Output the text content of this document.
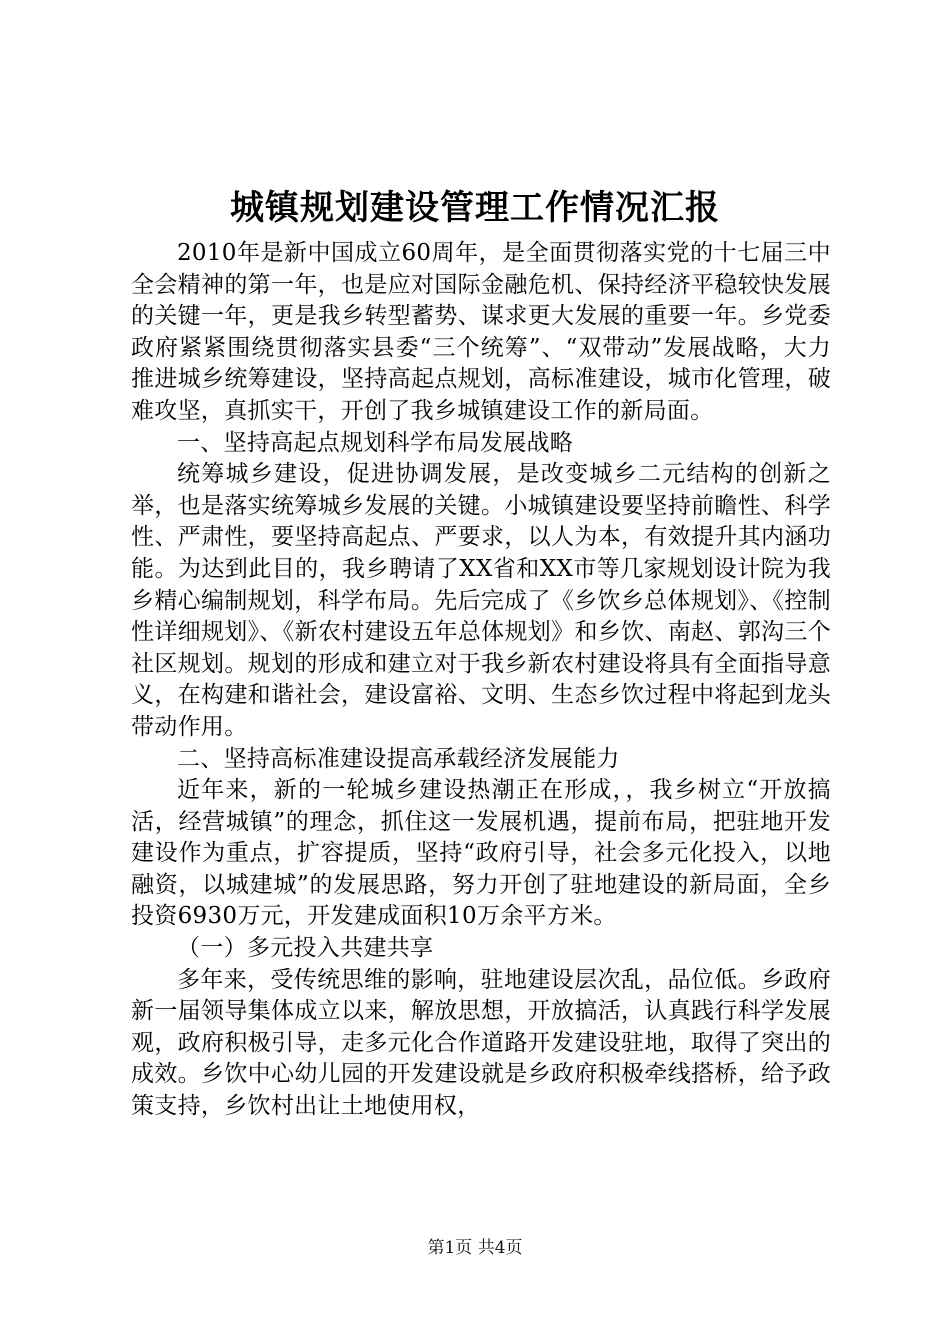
城镇规划建设管理工作情况汇报

2010年是新中国成立60周年，是全面贯彻落实党的十七届三中全会精神的第一年，也是应对国际金融危机、保持经济平稳较快发展的关键一年，更是我乡转型蓄势、谋求更大发展的重要一年。乡党委政府紧紧围绕贯彻落实县委“三个统筹”、“双带动”发展战略，大力推进城乡统筹建设，坚持高起点规划，高标准建设，城市化管理，破难攻坚，真抓实干，开创了我乡城镇建设工作的新局面。

一、坚持高起点规划科学布局发展战略

统筹城乡建设，促进协调发展，是改变城乡二元结构的创新之举，也是落实统筹城乡发展的关键。小城镇建设要坚持前瞻性、科学性、严肃性，要坚持高起点、严要求，以人为本，有效提升其内涵功能。为达到此目的，我乡聘请了XX省和XX市等几家规划设计院为我乡精心编制规划，科学布局。先后完成了《乡饮乡总体规划》、《控制性详细规划》、《新农村建设五年总体规划》和乡饮、南赵、郭沟三个社区规划。规划的形成和建立对于我乡新农村建设将具有全面指导意义，在构建和谐社会，建设富裕、文明、生态乡饮过程中将起到龙头带动作用。

二、坚持高标准建设提高承载经济发展能力

近年来，新的一轮城乡建设热潮正在形成，，我乡树立“开放搞活，经营城镇”的理念，抓住这一发展机遇，提前布局，把驻地开发建设作为重点，扩容提质，坚持“政府引导，社会多元化投入，以地融资，以城建城”的发展思路，努力开创了驻地建设的新局面，全乡投资6930万元，开发建成面积10万余平方米。

（一）多元投入共建共享

多年来，受传统思维的影响，驻地建设层次乱，品位低。乡政府新一届领导集体成立以来，解放思想，开放搞活，认真践行科学发展观，政府积极引导，走多元化合作道路开发建设驻地，取得了突出的成效。乡饮中心幼儿园的开发建设就是乡政府积极牵线搭桥，给予政策支持，乡饮村出让土地使用权，

第1页 共4页
